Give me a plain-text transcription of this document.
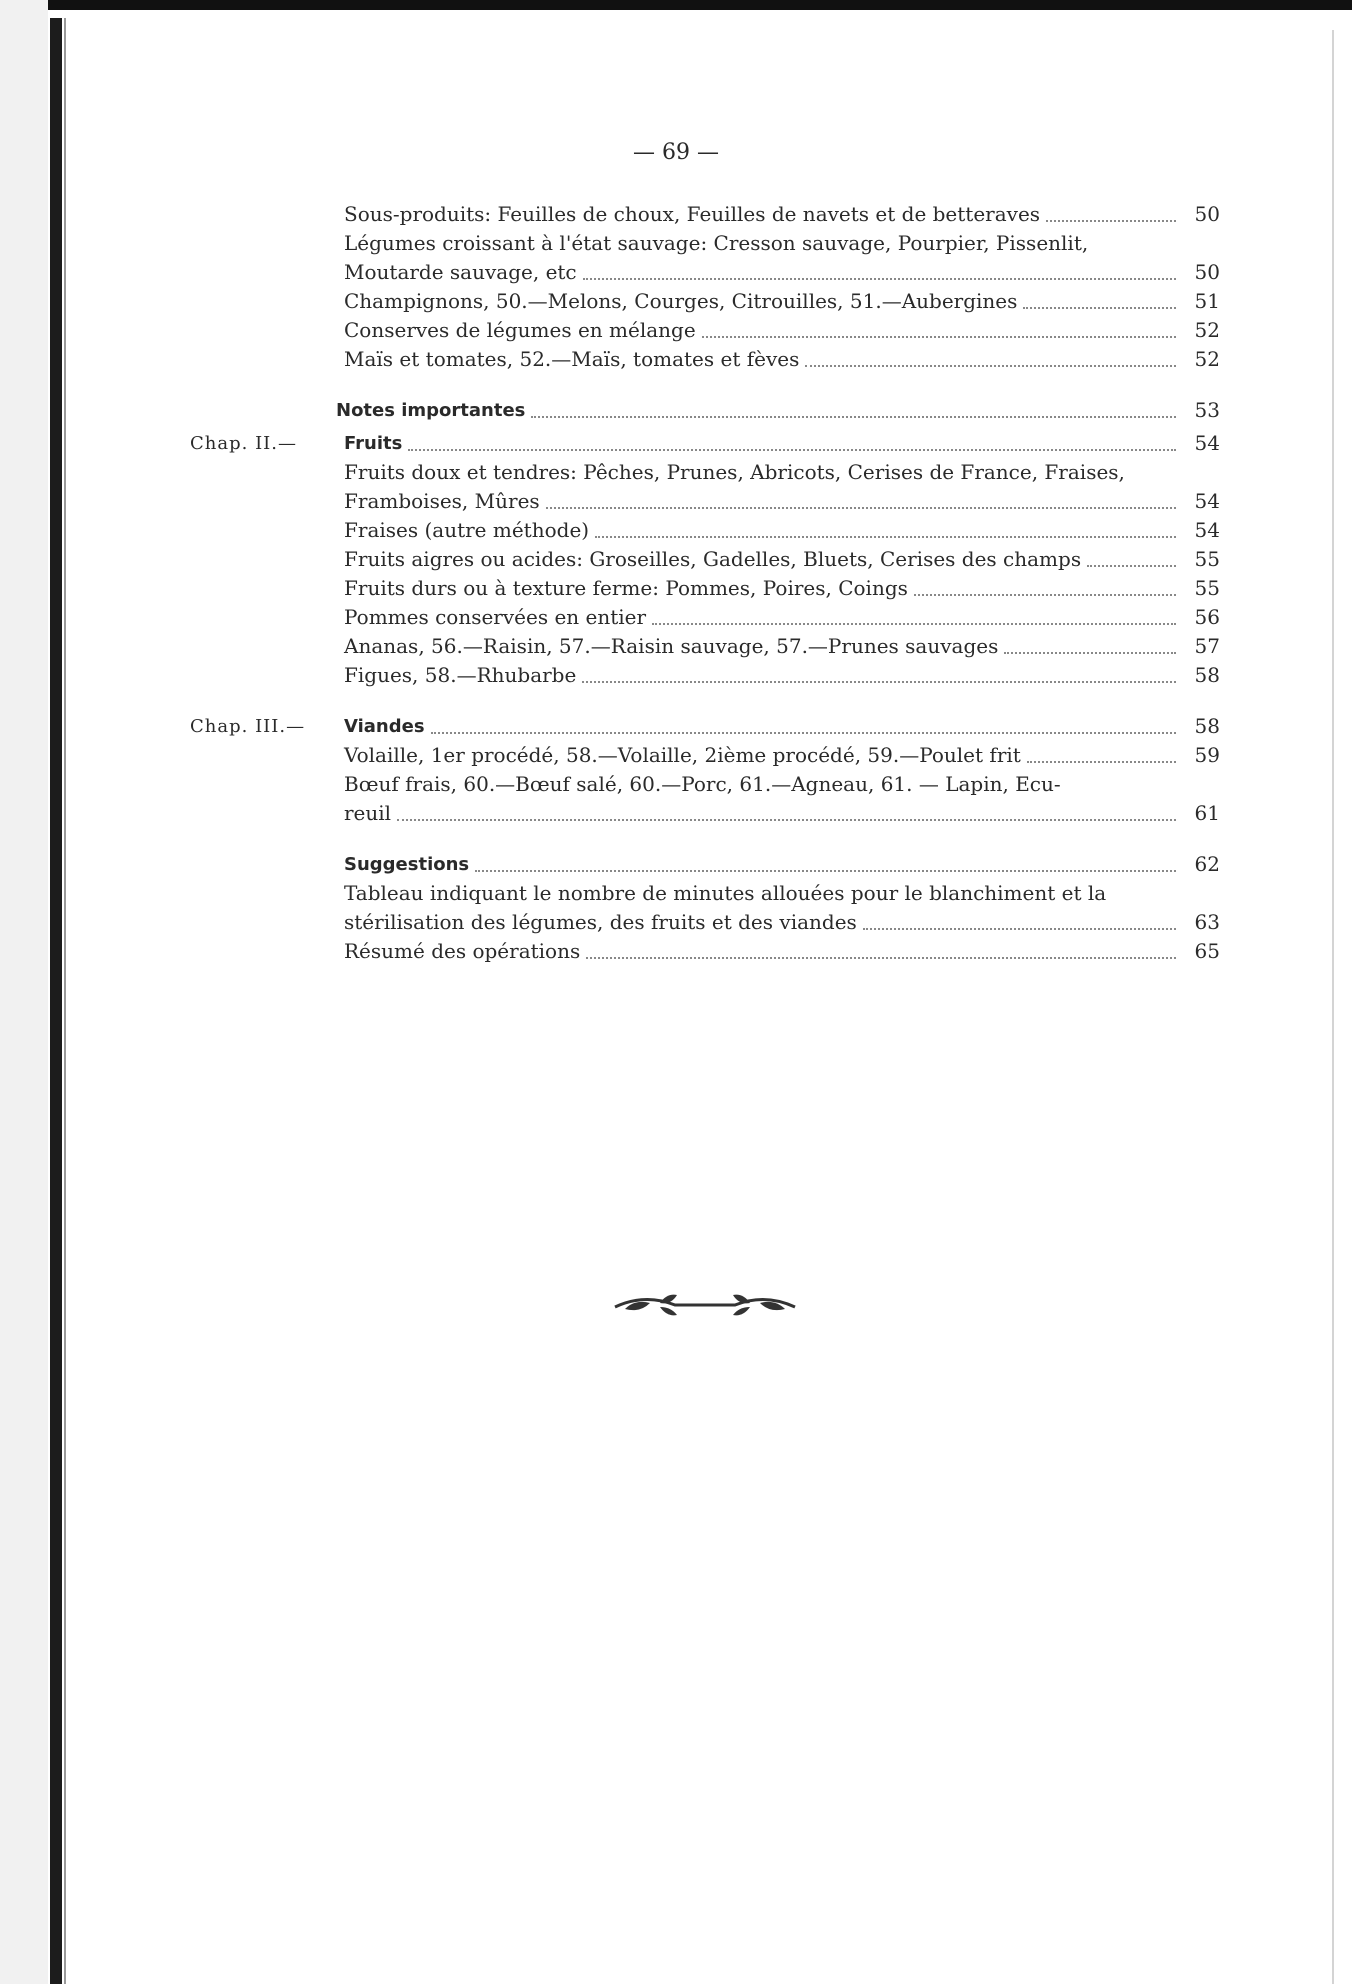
— 69 —
Sous-produits: Feuilles de choux, Feuilles de navets et de betteraves	50
Légumes croissant à l'état sauvage: Cresson sauvage, Pourpier, Pissenlit,
Moutarde sauvage, etc	50
Champignons, 50.—Melons, Courges, Citrouilles, 51.—Aubergines	51
Conserves de légumes en mélange	52
Maïs et tomates, 52.—Maïs, tomates et fèves	52
Notes importantes	53
Chap. II.—	Fruits	54
Fruits doux et tendres: Pêches, Prunes, Abricots, Cerises de France, Fraises,
Framboises, Mûres	54
Fraises (autre méthode)	54
Fruits aigres ou acides: Groseilles, Gadelles, Bluets, Cerises des champs	55
Fruits durs ou à texture ferme: Pommes, Poires, Coings	55
Pommes conservées en entier	56
Ananas, 56.—Raisin, 57.—Raisin sauvage, 57.—Prunes sauvages	57
Figues, 58.—Rhubarbe	58
Chap. III.— Viandes	58
Volaille, 1er procédé, 58.—Volaille, 2ième procédé, 59.—Poulet frit	59
Bœuf frais, 60.—Bœuf salé, 60.—Porc, 61.—Agneau, 61. — Lapin, Ecu-
reuil	61
Suggestions	62
Tableau indiquant le nombre de minutes allouées pour le blanchiment et la
stérilisation des légumes, des fruits et des viandes	63
Résumé des opérations	65
